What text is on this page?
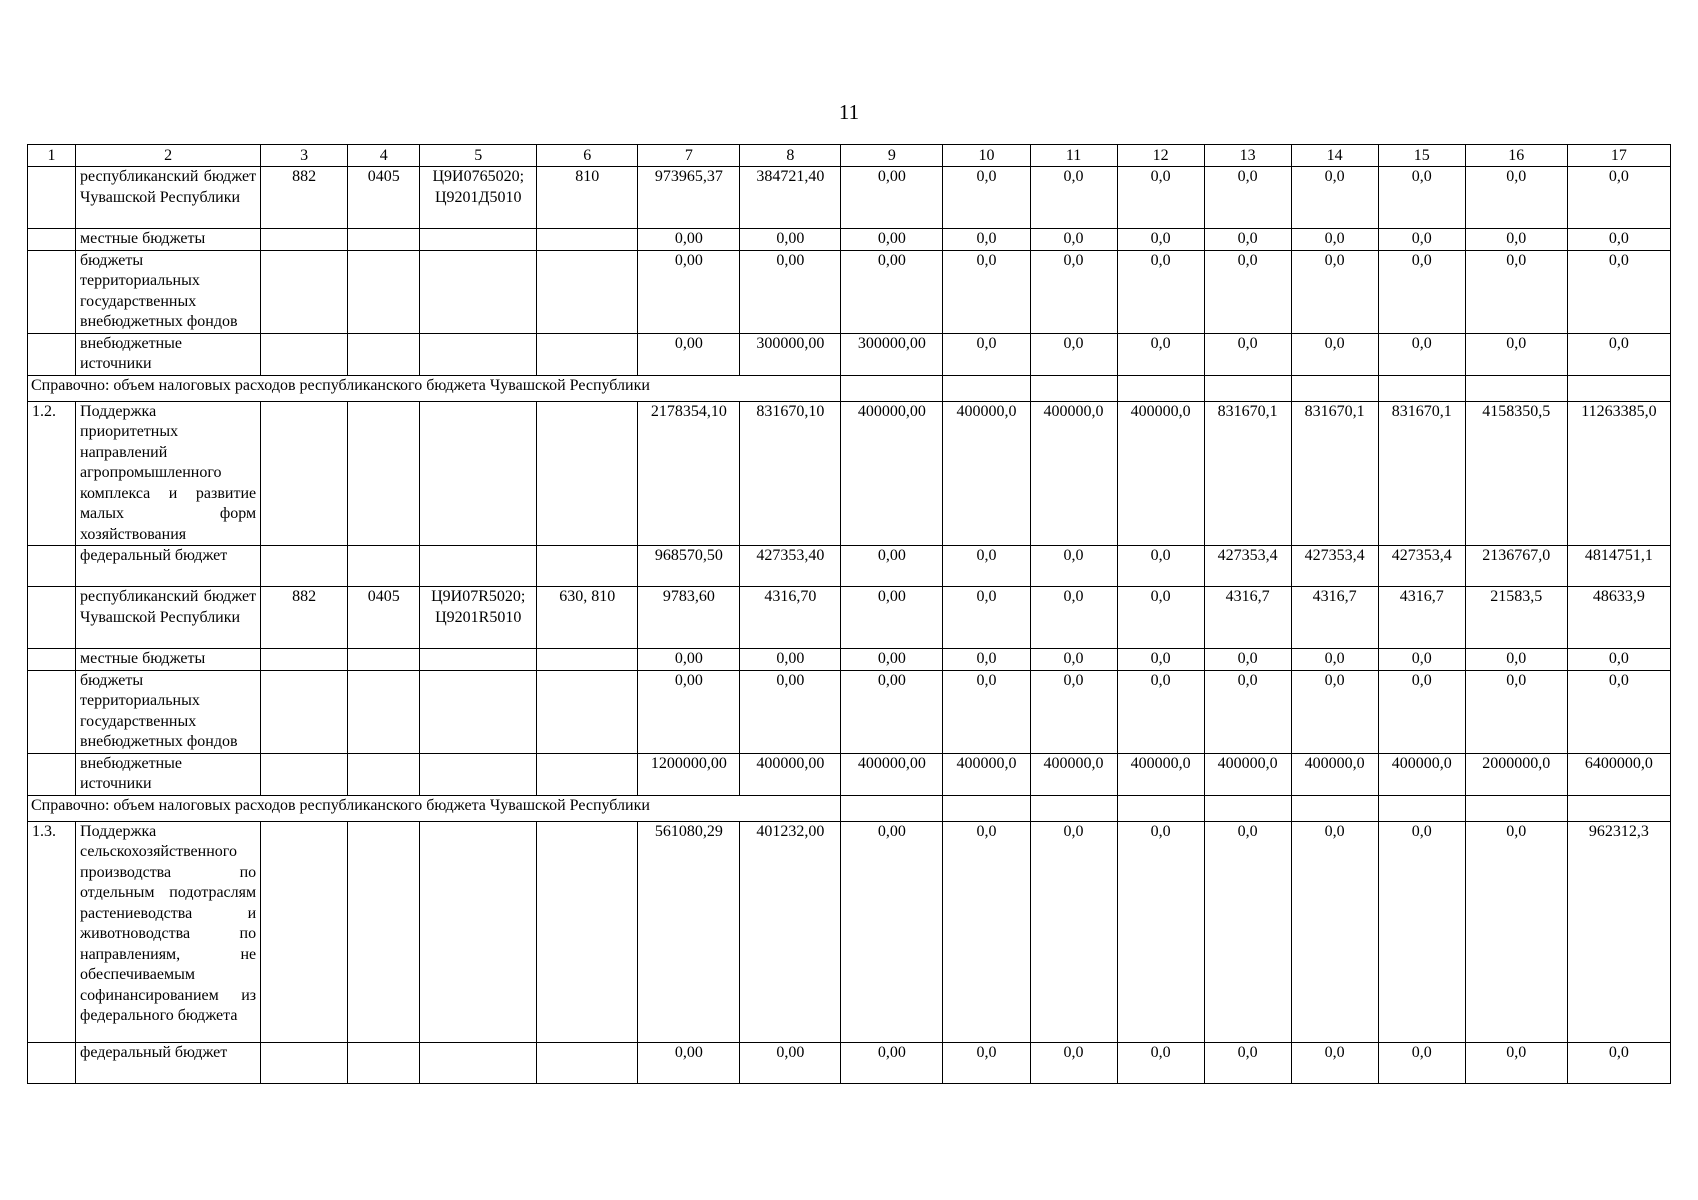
11
1	2	3	4	5	6	7	8	9	10	11	12	13	14	15	16	17
	республиканский бюджет Чувашской Республики	882	0405	Ц9И0765020; Ц9201Д5010	810	973965,37	384721,40	0,00	0,0	0,0	0,0	0,0	0,0	0,0	0,0	0,0
	местные бюджеты					0,00	0,00	0,00	0,0	0,0	0,0	0,0	0,0	0,0	0,0	0,0
	бюджеты территориальных государственных внебюджетных фондов					0,00	0,00	0,00	0,0	0,0	0,0	0,0	0,0	0,0	0,0	0,0
	внебюджетные источники					0,00	300000,00	300000,00	0,0	0,0	0,0	0,0	0,0	0,0	0,0	0,0
Справочно: объем налоговых расходов республиканского бюджета Чувашской Республики																
1.2.	Поддержка приоритетных направлений агропромышленного комплекса и развитие малых форм хозяйствования					2178354,10	831670,10	400000,00	400000,0	400000,0	400000,0	831670,1	831670,1	831670,1	4158350,5	11263385,0
	федеральный бюджет					968570,50	427353,40	0,00	0,0	0,0	0,0	427353,4	427353,4	427353,4	2136767,0	4814751,1
	республиканский бюджет Чувашской Республики	882	0405	Ц9И07R5020; Ц9201R5010	630, 810	9783,60	4316,70	0,00	0,0	0,0	0,0	4316,7	4316,7	4316,7	21583,5	48633,9
	местные бюджеты					0,00	0,00	0,00	0,0	0,0	0,0	0,0	0,0	0,0	0,0	0,0
	бюджеты территориальных государственных внебюджетных фондов					0,00	0,00	0,00	0,0	0,0	0,0	0,0	0,0	0,0	0,0	0,0
	внебюджетные источники					1200000,00	400000,00	400000,00	400000,0	400000,0	400000,0	400000,0	400000,0	400000,0	2000000,0	6400000,0
Справочно: объем налоговых расходов республиканского бюджета Чувашской Республики																
1.3.	Поддержка сельскохозяйственного производства по отдельным подотраслям растениеводства и животноводства по направлениям, не обеспечиваемым софинансированием из федерального бюджета					561080,29	401232,00	0,00	0,0	0,0	0,0	0,0	0,0	0,0	0,0	962312,3
	федеральный бюджет					0,00	0,00	0,00	0,0	0,0	0,0	0,0	0,0	0,0	0,0	0,0
